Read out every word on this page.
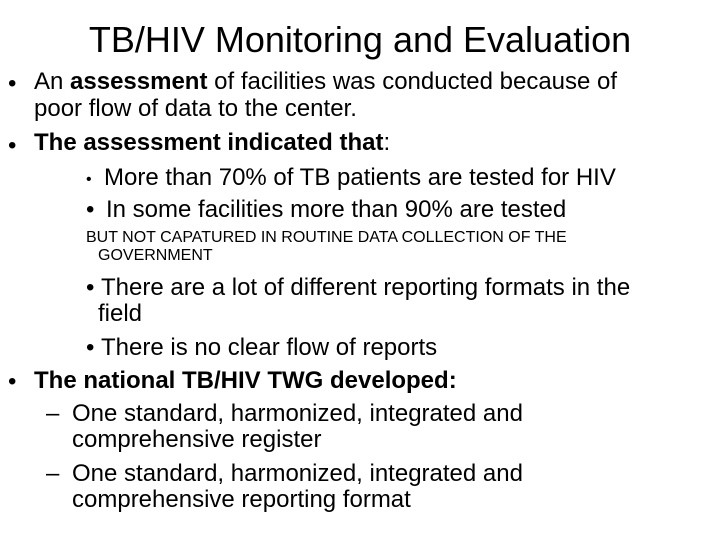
TB/HIV Monitoring and Evaluation
• An assessment of facilities was conducted because of
poor flow of data to the center.
• The assessment indicated that:
• More than 70% of TB patients are tested for HIV
• In some facilities more than 90% are tested
BUT NOT CAPATURED IN ROUTINE DATA COLLECTION OF THE
GOVERNMENT
• There are a lot of different reporting formats in the
field
• There is no clear flow of reports
• The national TB/HIV TWG developed:
– One standard, harmonized, integrated and
comprehensive register
– One standard, harmonized, integrated and
comprehensive reporting format
